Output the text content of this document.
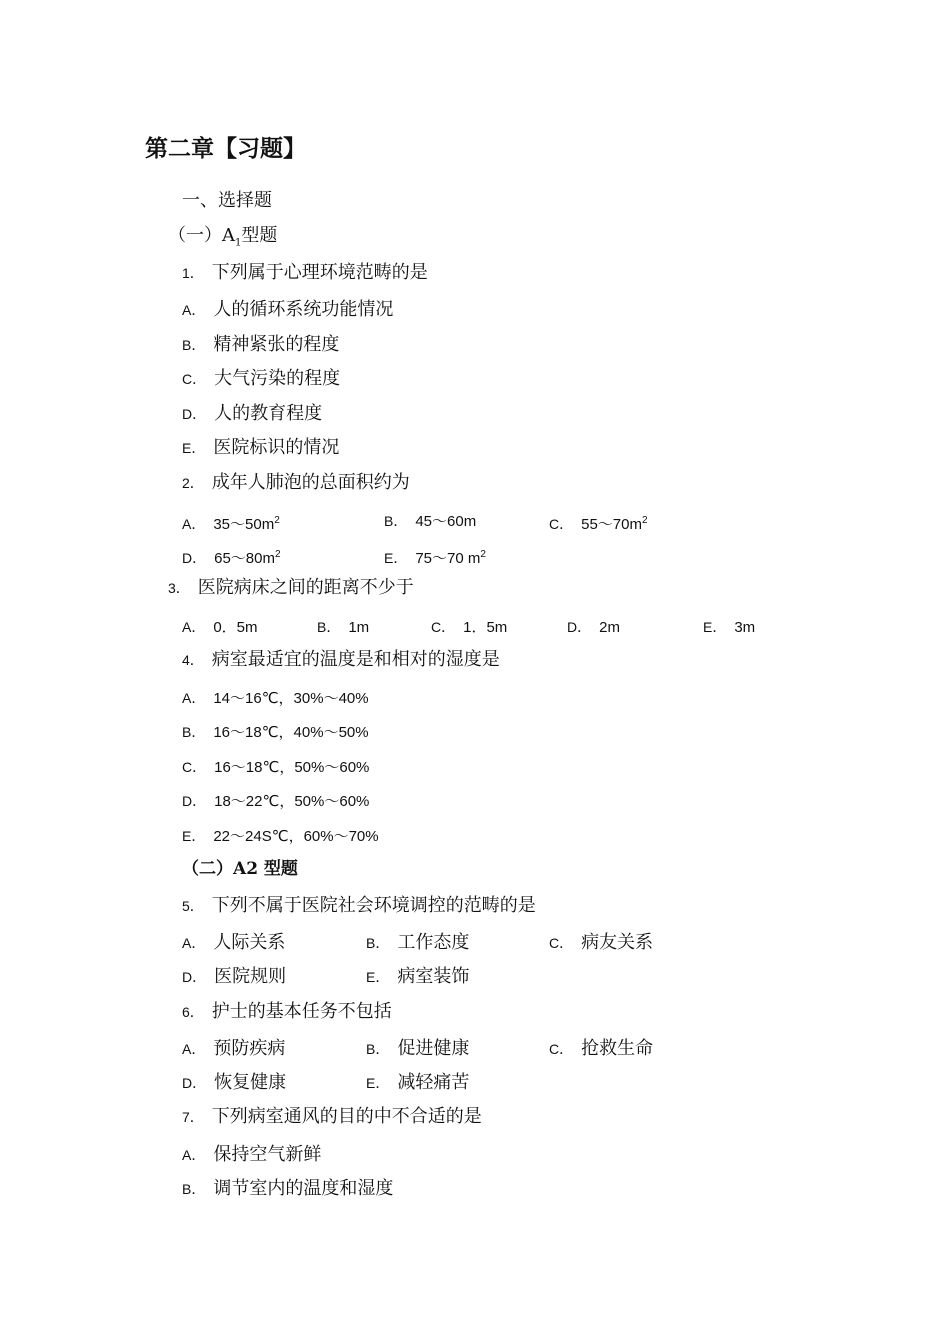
第二章【习题】
一、选择题
（一）$A_1$型题
1． 下列属于心理环境范畴的是
A． 人的循环系统功能情况
B． 精神紧张的程度
C． 大气污染的程度
D． 人的教育程度
E． 医院标识的情况
2． 成年人肺泡的总面积约为
A． $35\sim 50m^2$	B． 45～60m	C． $55\sim 70m^2$
D． $65\sim 80m^2$	E． 75～70 $m^2$
3． 医院病床之间的距离不少于
A． 0．5m	B． 1m	C． 1．5m	D． 2m	E． 3m
4． 病室最适宜的温度是和相对的湿度是
A． 14～16℃，30%～40%
B． 16～18℃，40%～50%
C． 16～18℃，50%～60%
D． 18～22℃，50%～60%
E． 22～24S℃，60%～70%
（二）A2 型题
5． 下列不属于医院社会环境调控的范畴的是
A． 人际关系	B． 工作态度	C． 病友关系
D． 医院规则	E． 病室装饰
6． 护士的基本任务不包括
A． 预防疾病	B． 促进健康	C． 抢救生命
D． 恢复健康	E． 减轻痛苦
7． 下列病室通风的目的中不合适的是
A． 保持空气新鲜
B． 调节室内的温度和湿度
